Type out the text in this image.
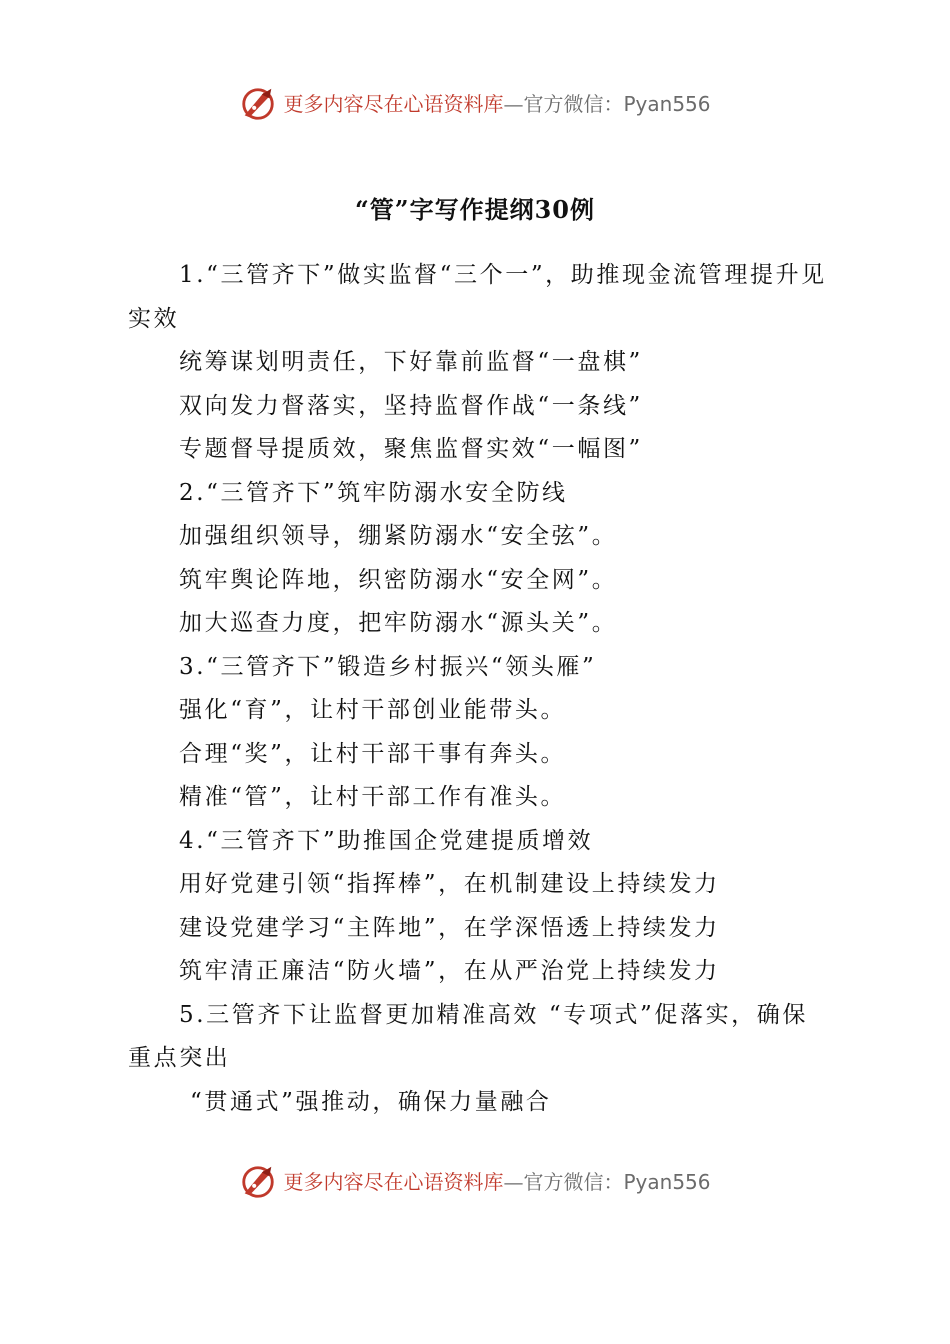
更多内容尽在心语资料库—官方微信：Pyan556
“管”字写作提纲30例

1.“三管齐下”做实监督“三个一”，助推现金流管理提升见实效

统筹谋划明责任，下好靠前监督“一盘棋”

双向发力督落实，坚持监督作战“一条线”

专题督导提质效，聚焦监督实效“一幅图”

2.“三管齐下”筑牢防溺水安全防线

加强组织领导，绷紧防溺水“安全弦”。

筑牢舆论阵地，织密防溺水“安全网”。

加大巡查力度，把牢防溺水“源头关”。

3.“三管齐下”锻造乡村振兴“领头雁”

强化“育”，让村干部创业能带头。

合理“奖”，让村干部干事有奔头。

精准“管”，让村干部工作有准头。

4.“三管齐下”助推国企党建提质增效

用好党建引领“指挥棒”，在机制建设上持续发力

建设党建学习“主阵地”，在学深悟透上持续发力

筑牢清正廉洁“防火墙”，在从严治党上持续发力

5.三管齐下让监督更加精准高效 “专项式”促落实，确保重点突出

“贯通式”强推动，确保力量融合

更多内容尽在心语资料库—官方微信：Pyan556
